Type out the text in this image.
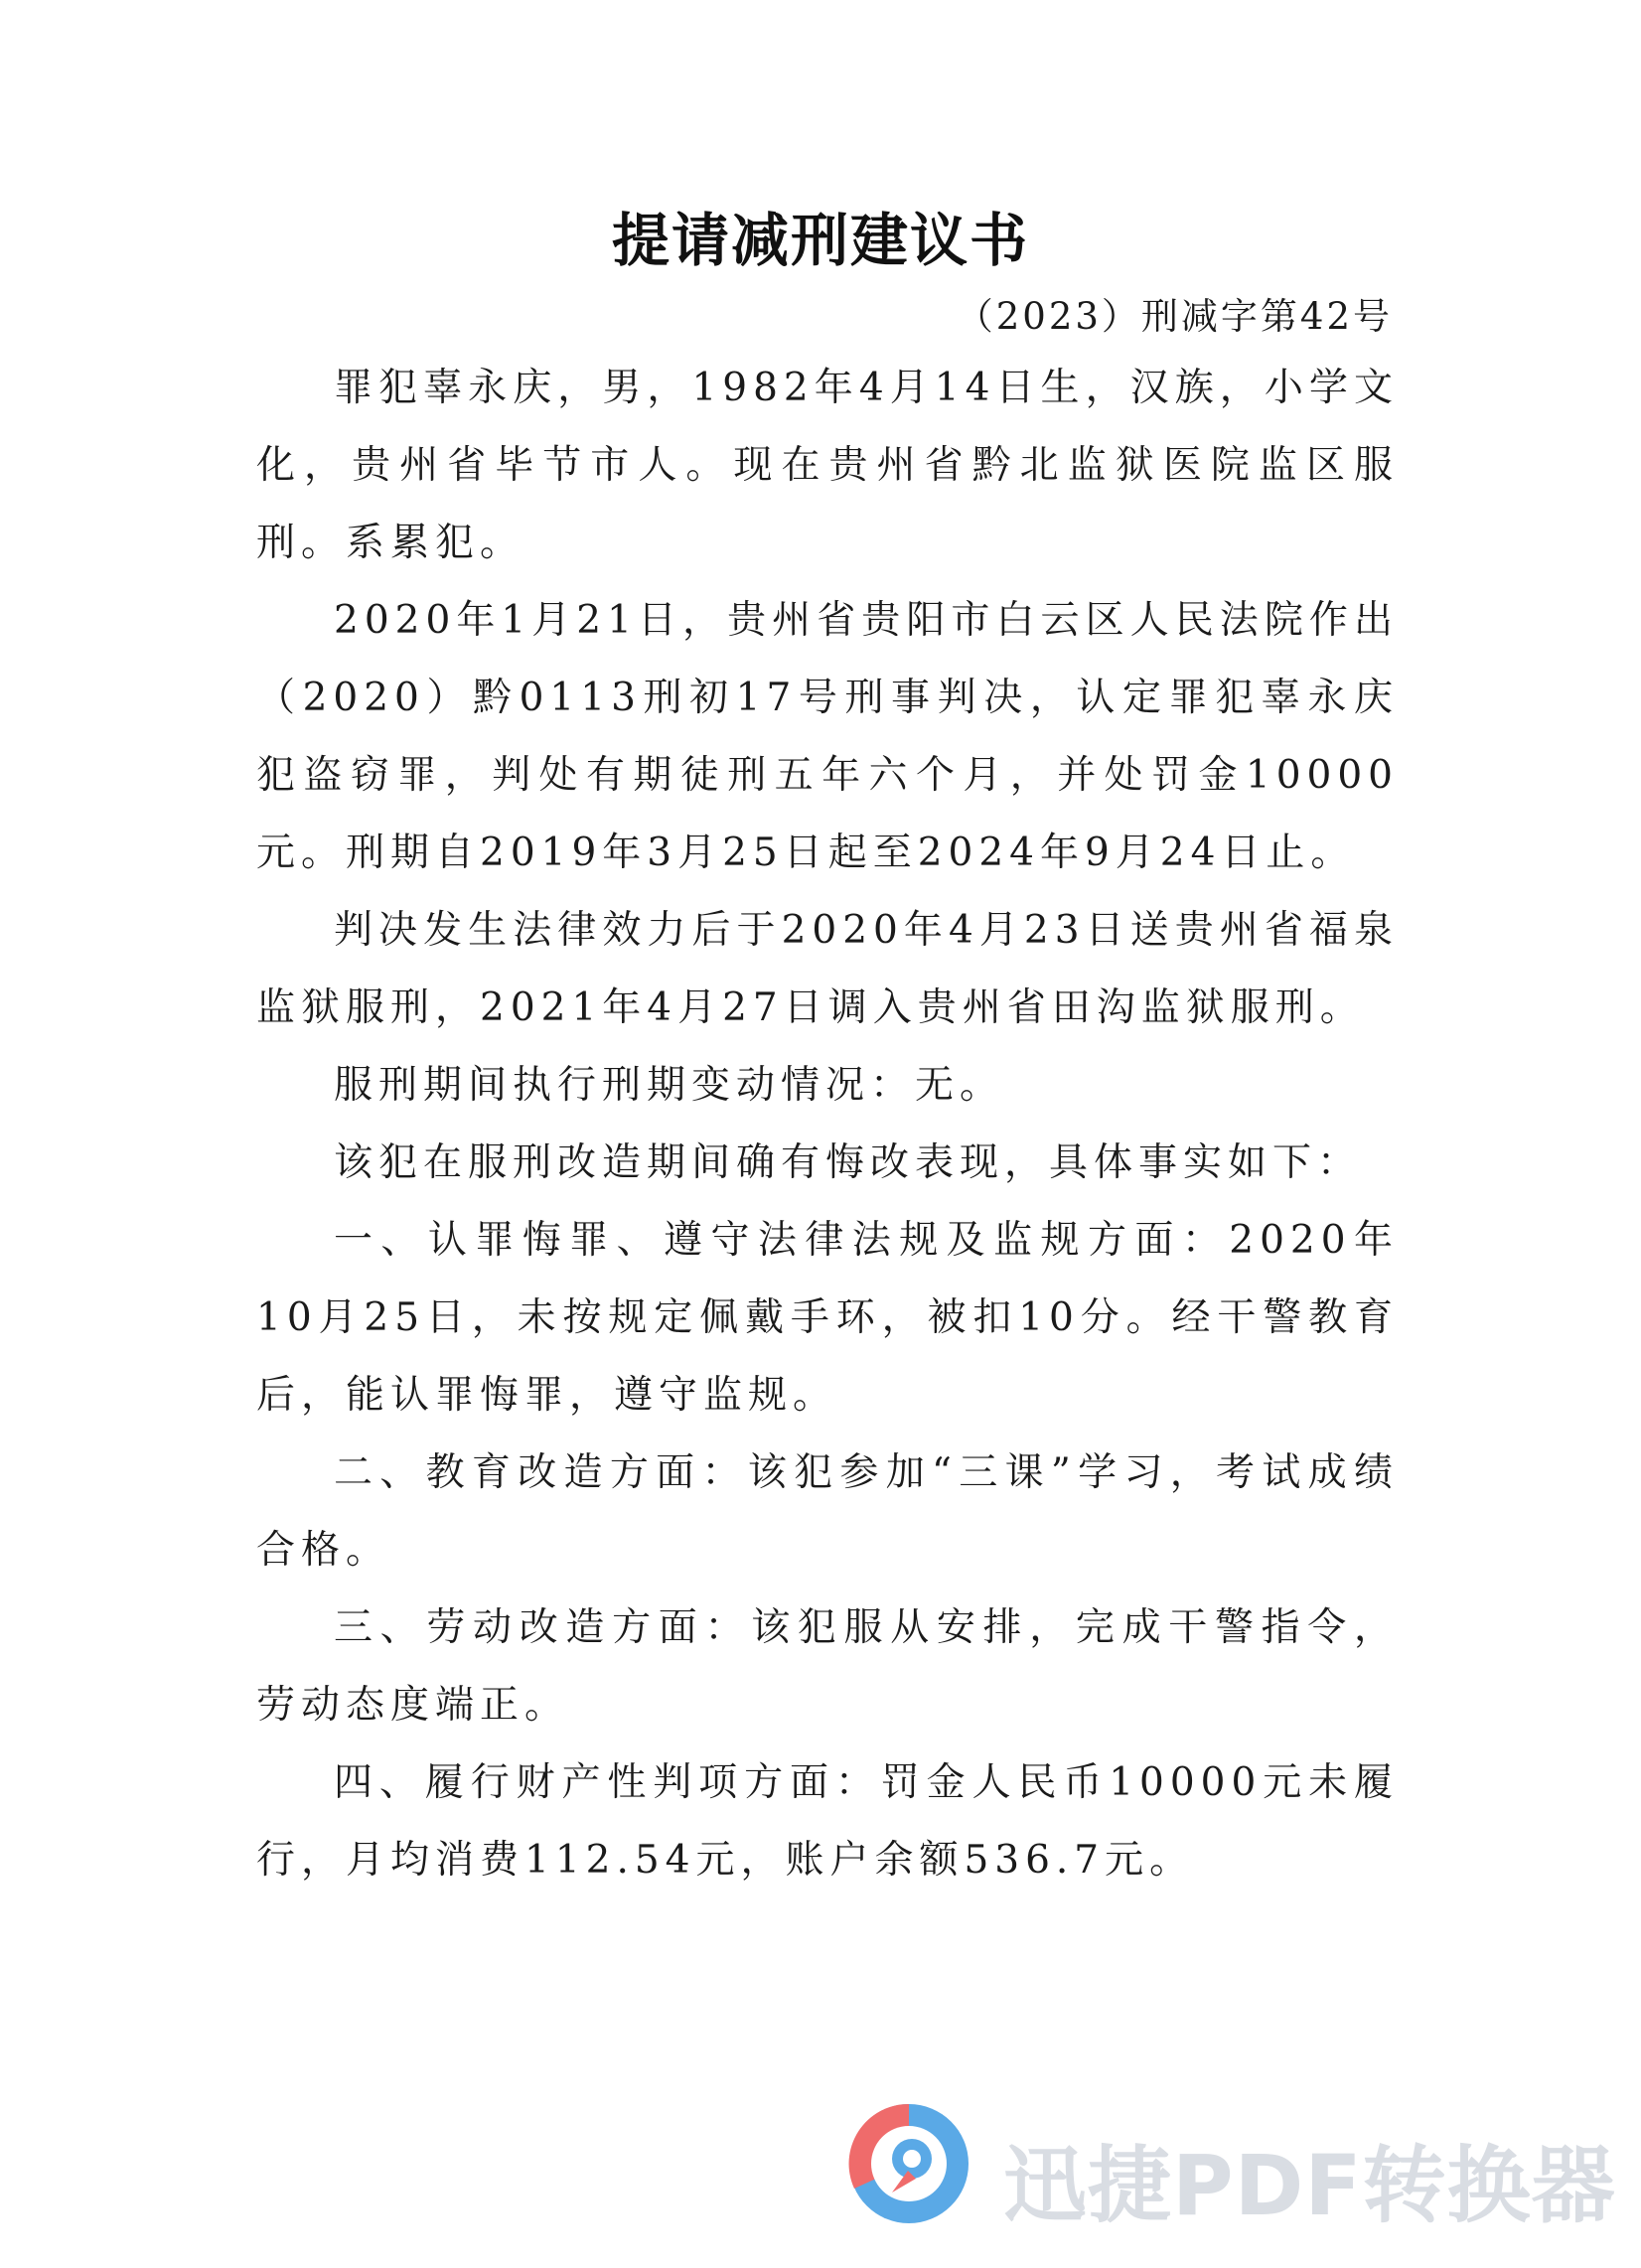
提请减刑建议书
（2023）刑减字第42号

罪犯辜永庆，男，1982年4月14日生，汉族，小学文化，贵州省毕节市人。现在贵州省黔北监狱医院监区服刑。系累犯。

2020年1月21日，贵州省贵阳市白云区人民法院作出（2020）黔0113刑初17号刑事判决，认定罪犯辜永庆犯盗窃罪，判处有期徒刑五年六个月，并处罚金10000元。刑期自2019年3月25日起至2024年9月24日止。

判决发生法律效力后于2020年4月23日送贵州省福泉监狱服刑，2021年4月27日调入贵州省田沟监狱服刑。

服刑期间执行刑期变动情况：无。

该犯在服刑改造期间确有悔改表现，具体事实如下：

一、认罪悔罪、遵守法律法规及监规方面：2020年10月25日，未按规定佩戴手环，被扣10分。经干警教育后，能认罪悔罪，遵守监规。

二、教育改造方面：该犯参加“三课”学习，考试成绩合格。

三、劳动改造方面：该犯服从安排，完成干警指令，劳动态度端正。

四、履行财产性判项方面：罚金人民币10000元未履行，月均消费112.54元，账户余额536.7元。

迅捷PDF转换器
